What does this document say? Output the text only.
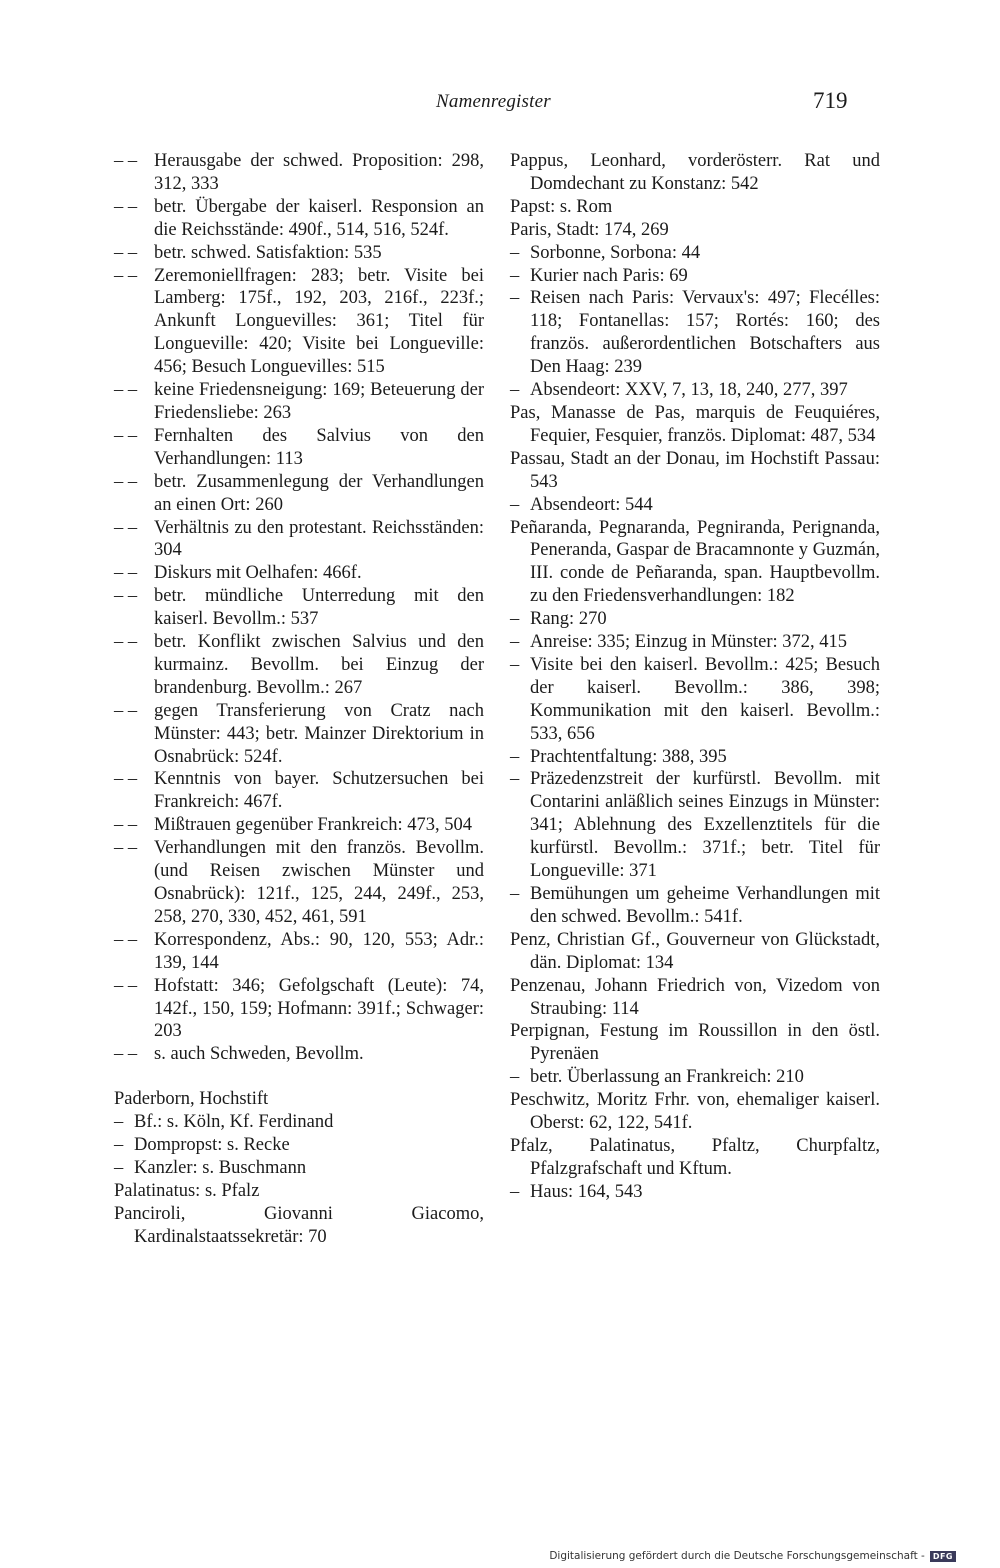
Namenregister	719

– – Herausgabe der schwed. Proposition: 298, 312, 333

– – betr. Übergabe der kaiserl. Responsion an die Reichsstände: 490f., 514, 516, 524f.

– – betr. schwed. Satisfaktion: 535

– – Zeremoniellfragen: 283; betr. Visite bei Lamberg: 175f., 192, 203, 216f., 223f.; Ankunft Longuevilles: 361; Titel für Longueville: 420; Visite bei Longueville: 456; Besuch Longuevilles: 515

– – keine Friedensneigung: 169; Beteuerung der Friedensliebe: 263

– – Fernhalten des Salvius von den Verhandlungen: 113

– – betr. Zusammenlegung der Verhandlungen an einen Ort: 260

– – Verhältnis zu den protestant. Reichsständen: 304

– – Diskurs mit Oelhafen: 466f.

– – betr. mündliche Unterredung mit den kaiserl. Bevollm.: 537

– – betr. Konflikt zwischen Salvius und den kurmainz. Bevollm. bei Einzug der brandenburg. Bevollm.: 267

– – gegen Transferierung von Cratz nach Münster: 443; betr. Mainzer Direktorium in Osnabrück: 524f.

– – Kenntnis von bayer. Schutzersuchen bei Frankreich: 467f.

– – Mißtrauen gegenüber Frankreich: 473, 504

– – Verhandlungen mit den französ. Bevollm. (und Reisen zwischen Münster und Osnabrück): 121f., 125, 244, 249f., 253, 258, 270, 330, 452, 461, 591

– – Korrespondenz, Abs.: 90, 120, 553; Adr.: 139, 144

– – Hofstatt: 346; Gefolgschaft (Leute): 74, 142f., 150, 159; Hofmann: 391f.; Schwager: 203

– – s. auch Schweden, Bevollm.

Paderborn, Hochstift

– Bf.: s. Köln, Kf. Ferdinand

– Dompropst: s. Recke

– Kanzler: s. Buschmann

Palatinatus: s. Pfalz

Panciroli, Giovanni Giacomo, Kardinalstaatssekretär: 70

Pappus, Leonhard, vorderösterr. Rat und Domdechant zu Konstanz: 542

Papst: s. Rom

Paris, Stadt: 174, 269

– Sorbonne, Sorbona: 44

– Kurier nach Paris: 69

– Reisen nach Paris: Vervaux's: 497; Flecélles: 118; Fontanellas: 157; Rortés: 160; des französ. außerordentlichen Botschafters aus Den Haag: 239

– Absendeort: XXV, 7, 13, 18, 240, 277, 397

Pas, Manasse de Pas, marquis de Feuquiéres, Fequier, Fesquier, französ. Diplomat: 487, 534

Passau, Stadt an der Donau, im Hochstift Passau: 543

– Absendeort: 544

Peñaranda, Pegnaranda, Pegniranda, Perignanda, Peneranda, Gaspar de Bracamnonte y Guzmán, III. conde de Peñaranda, span. Hauptbevollm. zu den Friedensverhandlungen: 182

– Rang: 270

– Anreise: 335; Einzug in Münster: 372, 415

– Visite bei den kaiserl. Bevollm.: 425; Besuch der kaiserl. Bevollm.: 386, 398; Kommunikation mit den kaiserl. Bevollm.: 533, 656

– Prachtentfaltung: 388, 395

– Präzedenzstreit der kurfürstl. Bevollm. mit Contarini anläßlich seines Einzugs in Münster: 341; Ablehnung des Exzellenztitels für die kurfürstl. Bevollm.: 371f.; betr. Titel für Longueville: 371

– Bemühungen um geheime Verhandlungen mit den schwed. Bevollm.: 541f.

Penz, Christian Gf., Gouverneur von Glückstadt, dän. Diplomat: 134

Penzenau, Johann Friedrich von, Vizedom von Straubing: 114

Perpignan, Festung im Roussillon in den östl. Pyrenäen

– betr. Überlassung an Frankreich: 210

Peschwitz, Moritz Frhr. von, ehemaliger kaiserl. Oberst: 62, 122, 541f.

Pfalz, Palatinatus, Pfaltz, Churpfaltz, Pfalzgrafschaft und Kftum.

– Haus: 164, 543

Digitalisierung gefördert durch die Deutsche Forschungsgemeinschaft -	DFG
